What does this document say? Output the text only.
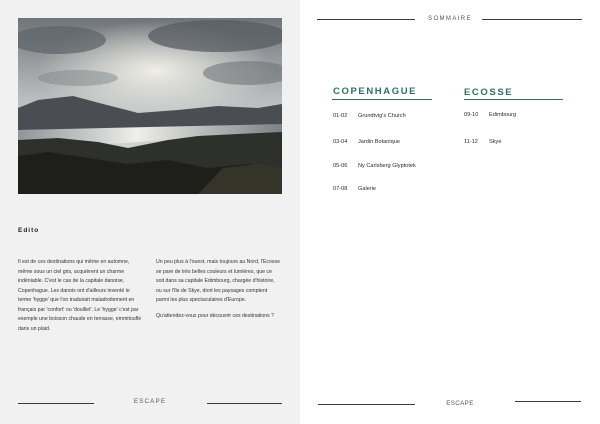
Edito

Il est de ces destinations qui même en automne, même sous un ciel gris, acquièrent un charme indéniable. C'est le cas de la capitale danoise, Copenhague. Les danois ont d'ailleurs inventé le terme 'hygge' que l'on traduirait maladroitement en français par 'confort' ou 'douillet'. Le 'hygge' c'est par exemple une boisson chaude en terrasse, emmitouflé dans un plaid.

Un peu plus à l'ouest, mais toujours au Nord, l'Ecosse se pare de très belles couleurs et lumières, que ce soit dans sa capitale Edimbourg, chargée d'histoire, ou sur l'île de Skye, dont les paysages comptent parmi les plus spectaculaires d'Europe.

Qu'attendez-vous pour découvrir ces destinations ?

ESCAPE
SOMMAIRE
COPENHAGUE
01-02 Grundtvig's Church
03-04 Jardin Botanique
05-06 Ny Carlsberg Glyptotek
07-08 Galerie
ECOSSE
09-10 Edimbourg
11-12 Skye
ESCAPE
